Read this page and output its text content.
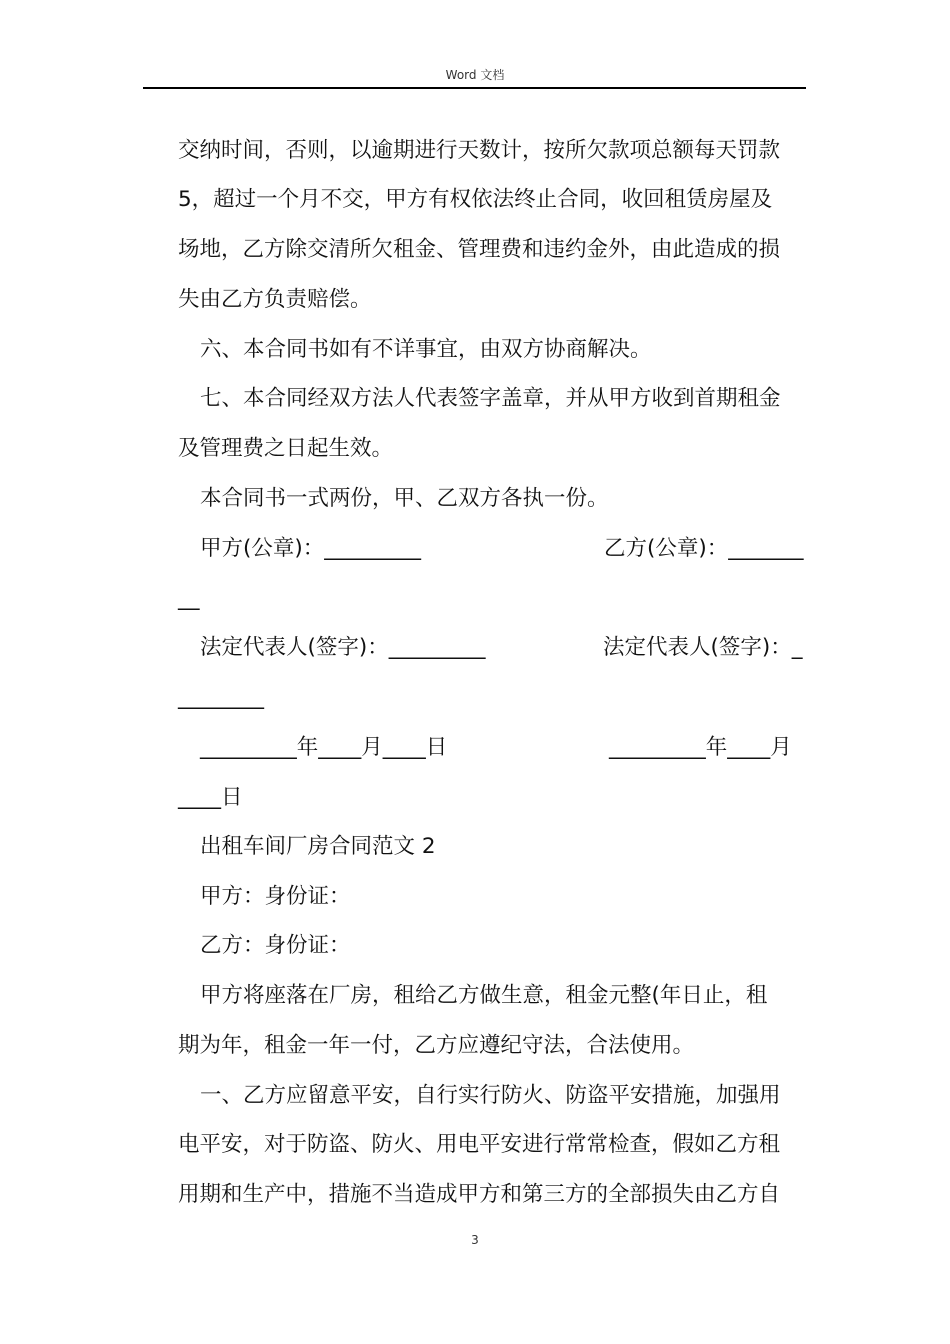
Word 文档
交纳时间，否则，以逾期进行天数计，按所欠款项总额每天罚款
5，超过一个月不交，甲方有权依法终止合同，收回租赁房屋及
场地，乙方除交清所欠租金、管理费和违约金外，由此造成的损
失由乙方负责赔偿。
六、本合同书如有不详事宜，由双方协商解决。
七、本合同经双方法人代表签字盖章，并从甲方收到首期租金
及管理费之日起生效。
本合同书一式两份，甲、乙双方各执一份。
甲方(公章)：_________	乙方(公章)：_______
__
法定代表人(签字)：_________	法定代表人(签字)：_
________
_________年____月____日	_________年____月
____日
出租车间厂房合同范文 2
甲方：身份证：
乙方：身份证：
甲方将座落在厂房，租给乙方做生意，租金元整(年日止，租
期为年，租金一年一付，乙方应遵纪守法，合法使用。
一、乙方应留意平安，自行实行防火、防盗平安措施，加强用
电平安，对于防盗、防火、用电平安进行常常检查，假如乙方租
用期和生产中，措施不当造成甲方和第三方的全部损失由乙方自
3
